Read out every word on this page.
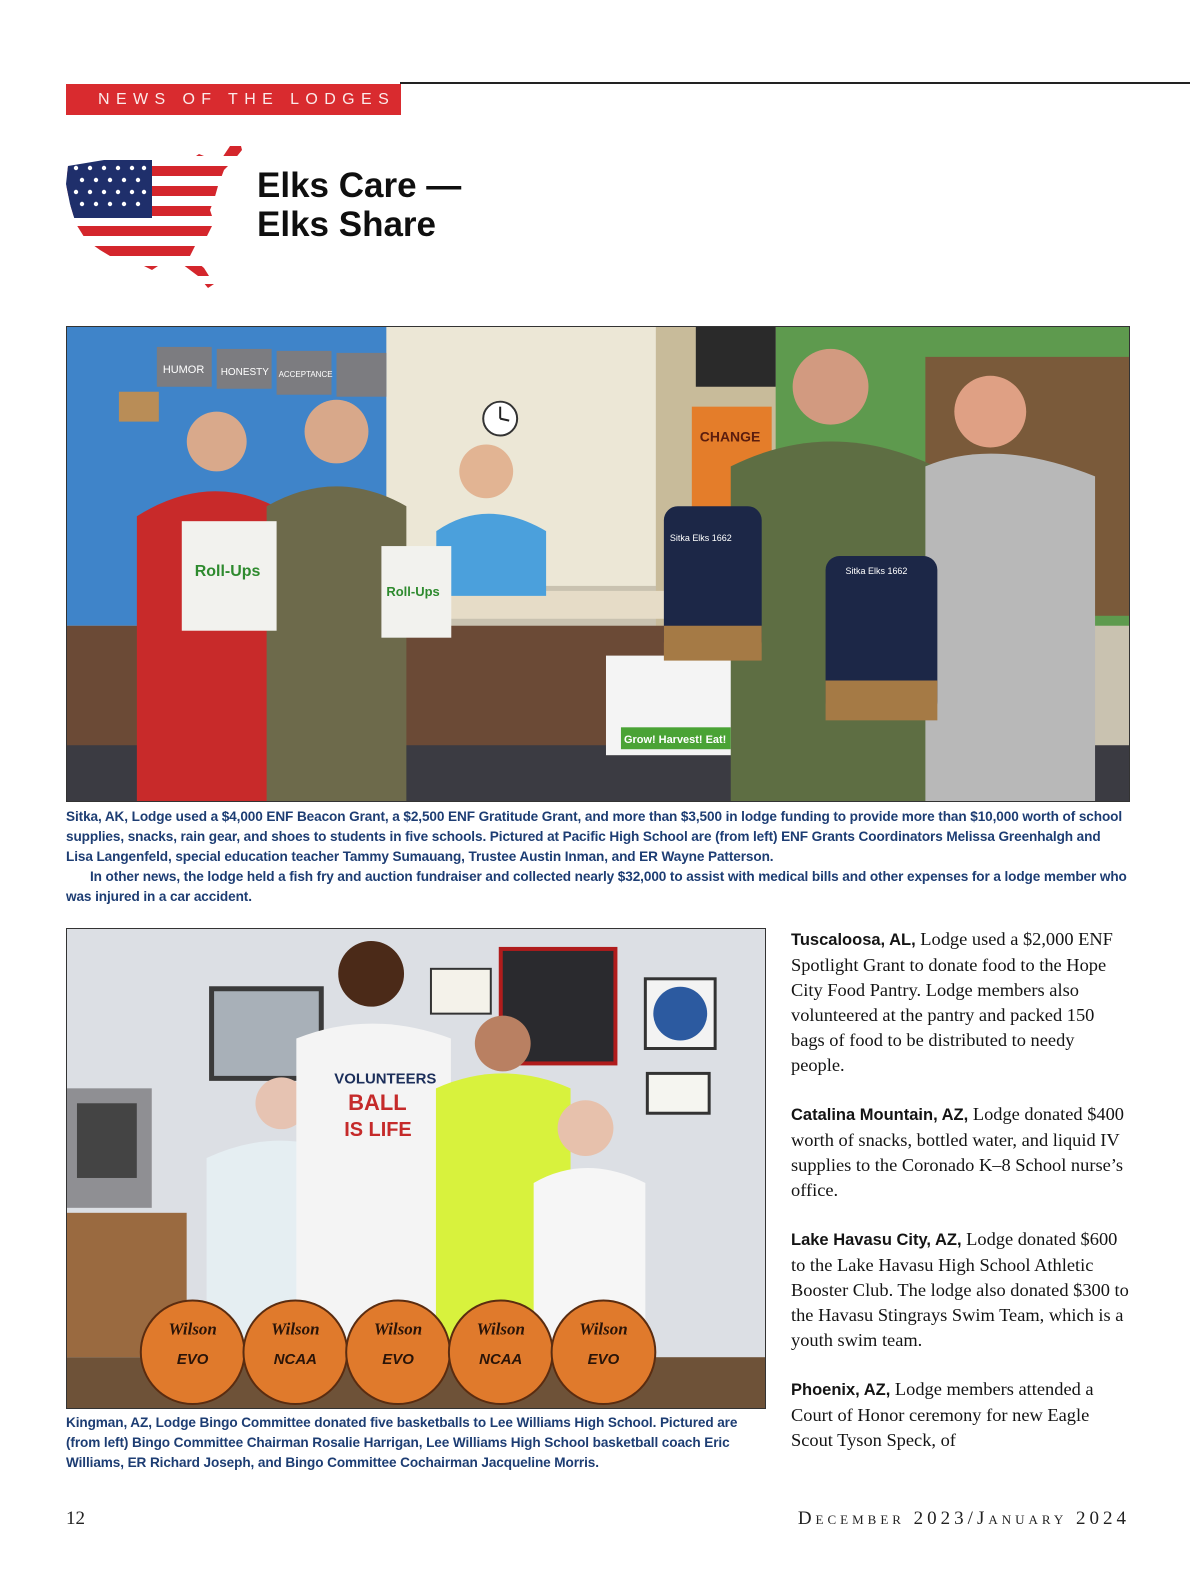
NEWS OF THE LODGES
Elks Care —
Elks Share
HUMOR HONESTY ACCEPTANCE
CHANGE
Grow! Harvest! Eat!
Roll-Ups
Roll-Ups
Sitka Elks 1662
Sitka Elks 1662

Sitka, AK, Lodge used a $4,000 ENF Beacon Grant, a $2,500 ENF Gratitude Grant, and more than $3,500 in lodge funding to provide more than $10,000 worth of school supplies, snacks, rain gear, and shoes to students in five schools. Pictured at Pacific High School are (from left) ENF Grants Coordinators Melissa Greenhalgh and Lisa Langenfeld, special education teacher Tammy Sumauang, Trustee Austin Inman, and ER Wayne Patterson.
In other news, the lodge held a fish fry and auction fundraiser and collected nearly $32,000 to assist with medical bills and other expenses for a lodge member who was injured in a car accident.

VOLUNTEERS
BALL
IS LIFE
Wilson
EVO
Wilson
NCAA
Wilson
EVO
Wilson
NCAA
Wilson
EVO

Kingman, AZ, Lodge Bingo Committee donated five basketballs to Lee Williams High School. Pictured are (from left) Bingo Committee Chairman Rosalie Harrigan, Lee Williams High School basketball coach Eric Williams, ER Richard Joseph, and Bingo Committee Cochairman Jacqueline Morris.

Tuscaloosa, AL, Lodge used a $2,000 ENF Spotlight Grant to donate food to the Hope City Food Pantry. Lodge members also volunteered at the pantry and packed 150 bags of food to be distributed to needy people.

Catalina Mountain, AZ, Lodge donated $400 worth of snacks, bottled water, and liquid IV supplies to the Coronado K–8 School nurse’s office.

Lake Havasu City, AZ, Lodge donated $600 to the Lake Havasu High School Athletic Booster Club. The lodge also donated $300 to the Havasu Stingrays Swim Team, which is a youth swim team.

Phoenix, AZ, Lodge members attended a Court of Honor ceremony for new Eagle Scout Tyson Speck, of

12	December 2023/January 2024
